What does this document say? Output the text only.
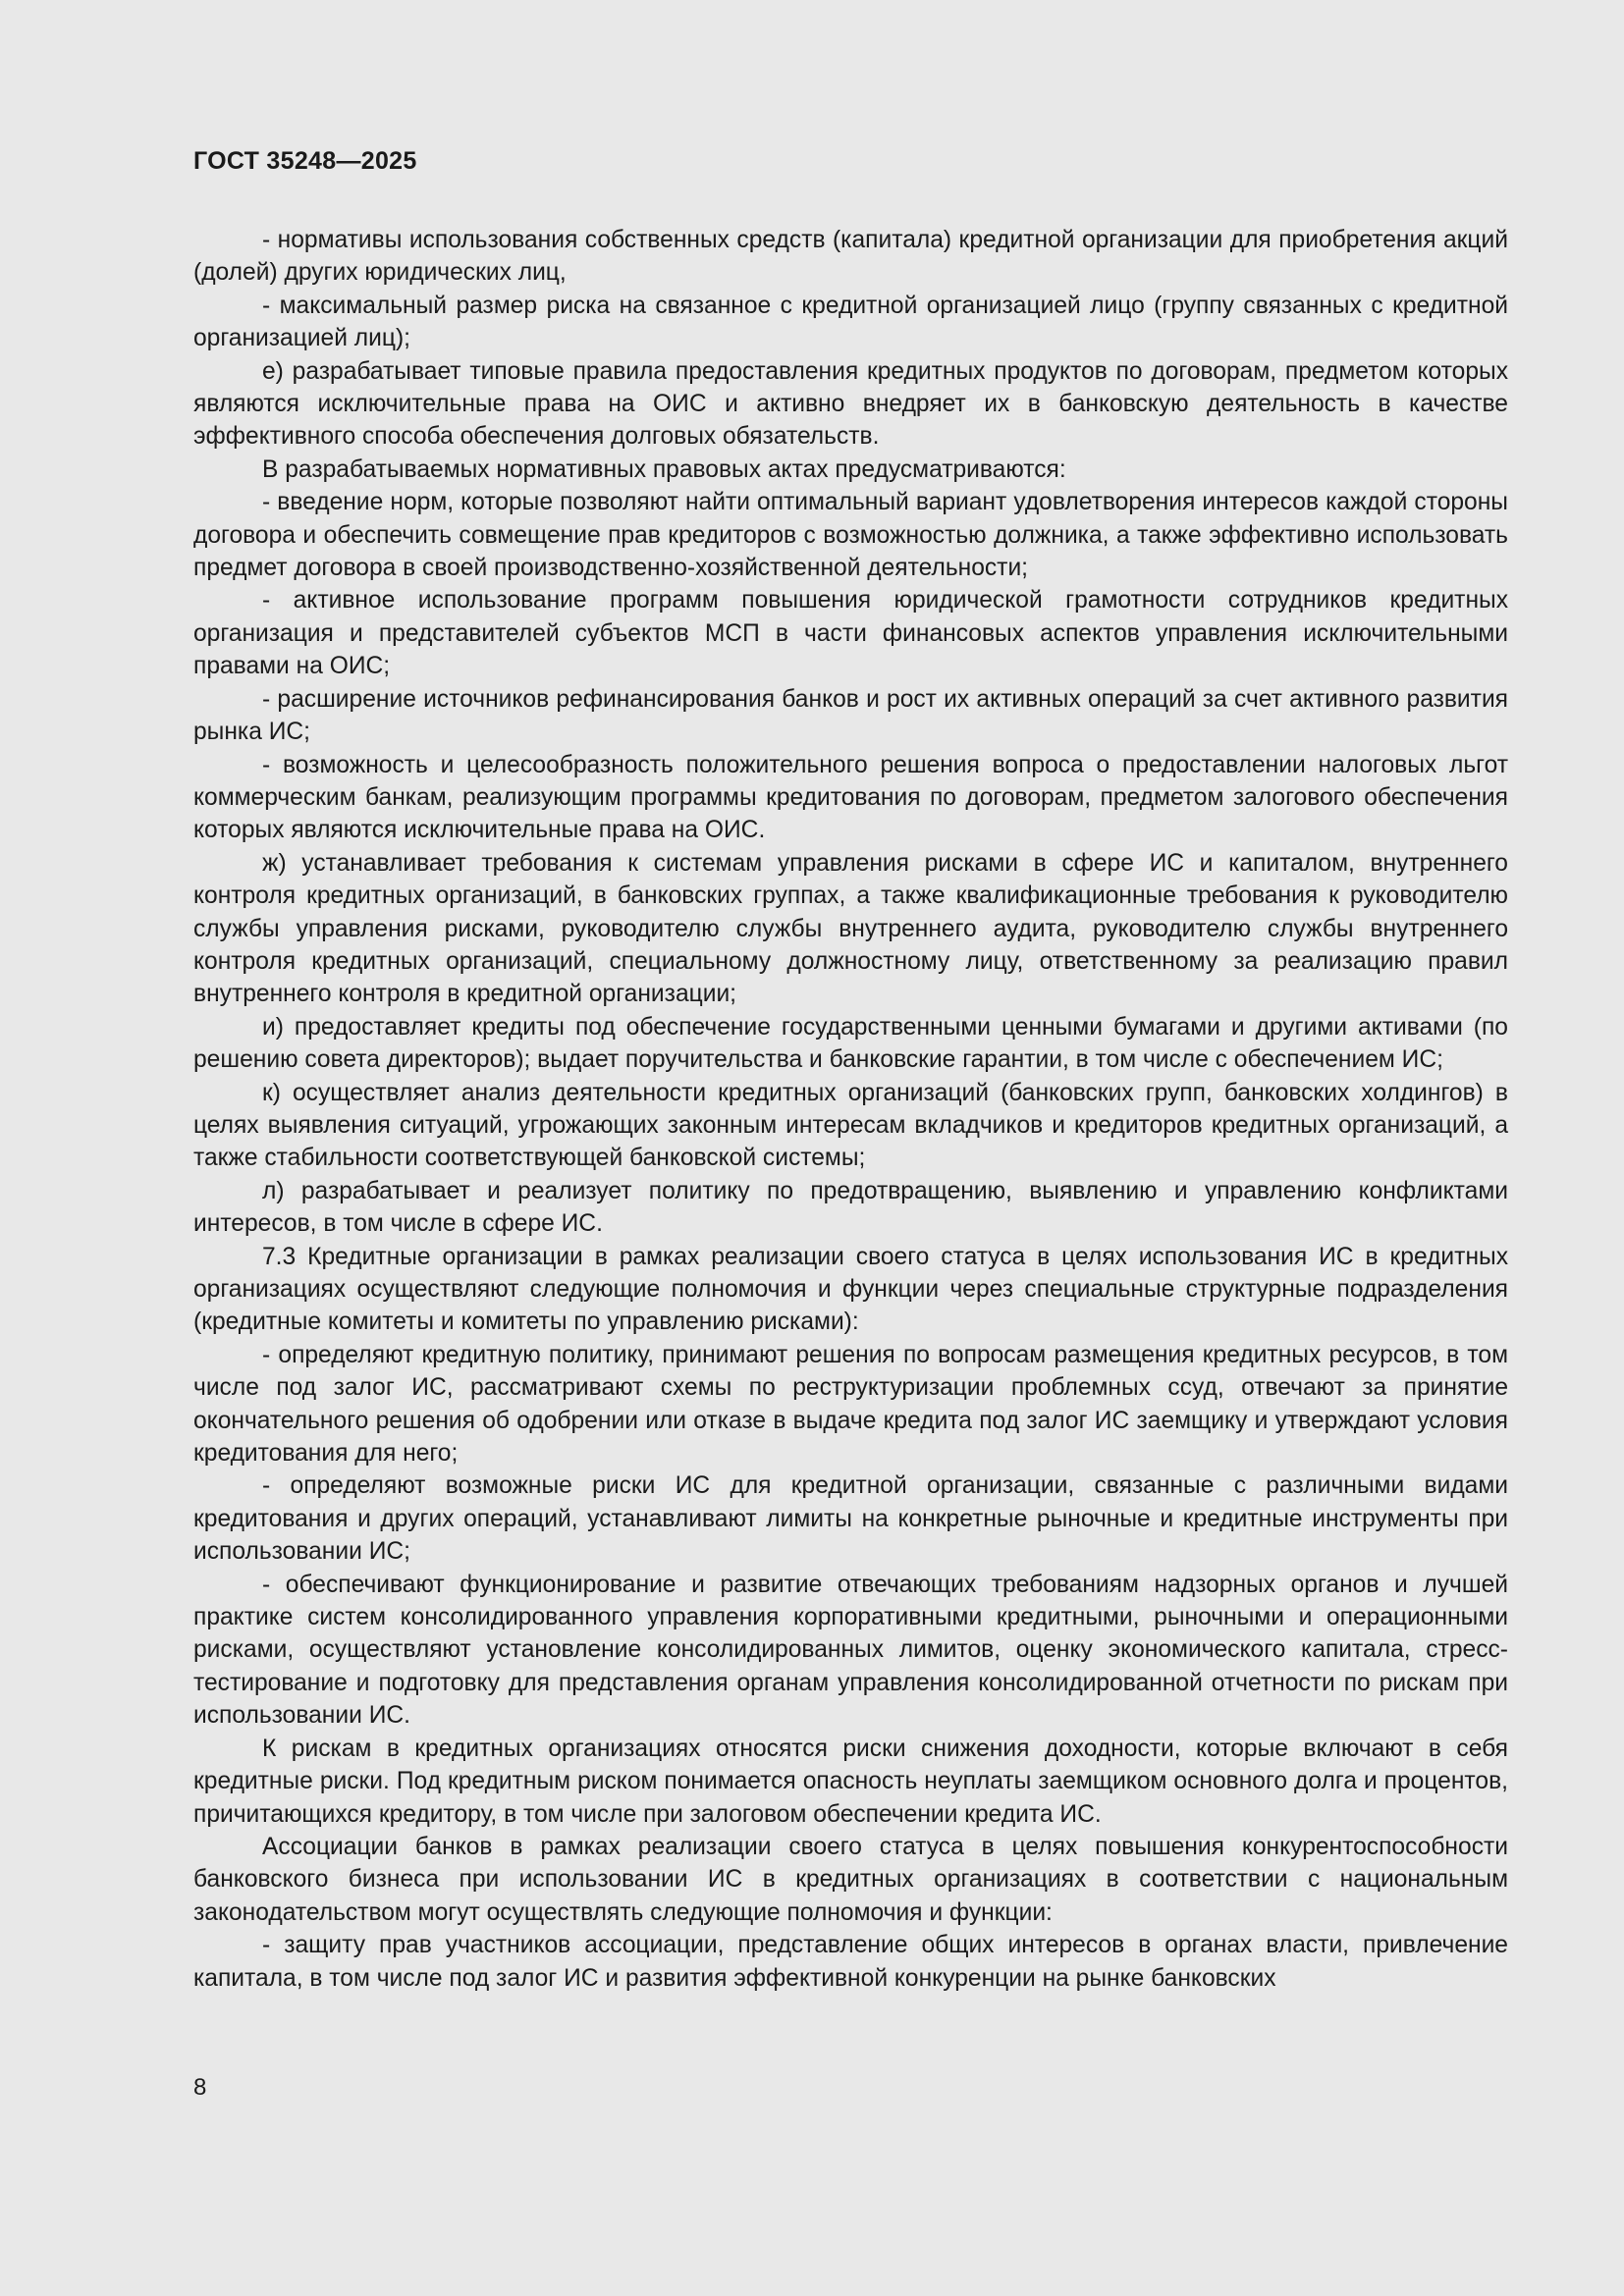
ГОСТ 35248—2025

- нормативы использования собственных средств (капитала) кредитной организации для приобретения акций (долей) других юридических лиц,

- максимальный размер риска на связанное с кредитной организацией лицо (группу связанных с кредитной организацией лиц);

е) разрабатывает типовые правила предоставления кредитных продуктов по договорам, предметом которых являются исключительные права на ОИС и активно внедряет их в банковскую деятельность в качестве эффективного способа обеспечения долговых обязательств.

В разрабатываемых нормативных правовых актах предусматриваются:

- введение норм, которые позволяют найти оптимальный вариант удовлетворения интересов каждой стороны договора и обеспечить совмещение прав кредиторов с возможностью должника, а также эффективно использовать предмет договора в своей производственно-хозяйственной деятельности;

- активное использование программ повышения юридической грамотности сотрудников кредитных организация и представителей субъектов МСП в части финансовых аспектов управления исключительными правами на ОИС;

- расширение источников рефинансирования банков и рост их активных операций за счет активного развития рынка ИС;

- возможность и целесообразность положительного решения вопроса о предоставлении налоговых льгот коммерческим банкам, реализующим программы кредитования по договорам, предметом залогового обеспечения которых являются исключительные права на ОИС.

ж) устанавливает требования к системам управления рисками в сфере ИС и капиталом, внутреннего контроля кредитных организаций, в банковских группах, а также квалификационные требования к руководителю службы управления рисками, руководителю службы внутреннего аудита, руководителю службы внутреннего контроля кредитных организаций, специальному должностному лицу, ответственному за реализацию правил внутреннего контроля в кредитной организации;

и) предоставляет кредиты под обеспечение государственными ценными бумагами и другими активами (по решению совета директоров); выдает поручительства и банковские гарантии, в том числе с обеспечением ИС;

к) осуществляет анализ деятельности кредитных организаций (банковских групп, банковских холдингов) в целях выявления ситуаций, угрожающих законным интересам вкладчиков и кредиторов кредитных организаций, а также стабильности соответствующей банковской системы;

л) разрабатывает и реализует политику по предотвращению, выявлению и управлению конфликтами интересов, в том числе в сфере ИС.

7.3 Кредитные организации в рамках реализации своего статуса в целях использования ИС в кредитных организациях осуществляют следующие полномочия и функции через специальные структурные подразделения (кредитные комитеты и комитеты по управлению рисками):

- определяют кредитную политику, принимают решения по вопросам размещения кредитных ресурсов, в том числе под залог ИС, рассматривают схемы по реструктуризации проблемных ссуд, отвечают за принятие окончательного решения об одобрении или отказе в выдаче кредита под залог ИС заемщику и утверждают условия кредитования для него;

- определяют возможные риски ИС для кредитной организации, связанные с различными видами кредитования и других операций, устанавливают лимиты на конкретные рыночные и кредитные инструменты при использовании ИС;

- обеспечивают функционирование и развитие отвечающих требованиям надзорных органов и лучшей практике систем консолидированного управления корпоративными кредитными, рыночными и операционными рисками, осуществляют установление консолидированных лимитов, оценку экономического капитала, стресс-тестирование и подготовку для представления органам управления консолидированной отчетности по рискам при использовании ИС.

К рискам в кредитных организациях относятся риски снижения доходности, которые включают в себя кредитные риски. Под кредитным риском понимается опасность неуплаты заемщиком основного долга и процентов, причитающихся кредитору, в том числе при залоговом обеспечении кредита ИС.

Ассоциации банков в рамках реализации своего статуса в целях повышения конкурентоспособности банковского бизнеса при использовании ИС в кредитных организациях в соответствии с национальным законодательством могут осуществлять следующие полномочия и функции:

- защиту прав участников ассоциации, представление общих интересов в органах власти, привлечение капитала, в том числе под залог ИС и развития эффективной конкуренции на рынке банковских

8
